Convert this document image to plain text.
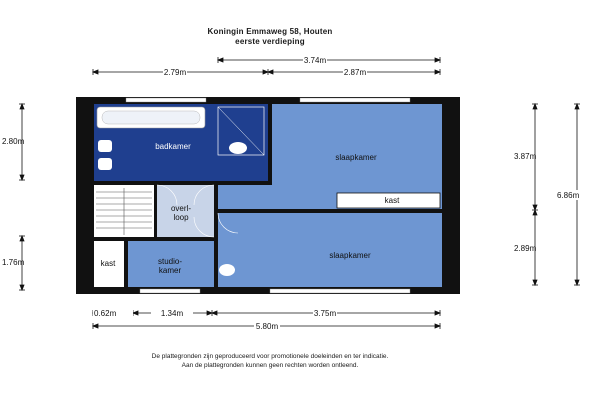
Koningin Emmaweg 58, Houten
eerste verdieping
3.74m
2.79m	2.87m
2.80m
1.76m
3.87m
2.89m
6.86m
0.62m	1.34m	3.75m
5.80m
badkamer
slaapkamer
kast
overl-
loop
kast	studio-
kamer
slaapkamer
De plattegronden zijn geproduceerd voor promotionele doeleinden en ter indicatie.
Aan de plattegronden kunnen geen rechten worden ontleend.
